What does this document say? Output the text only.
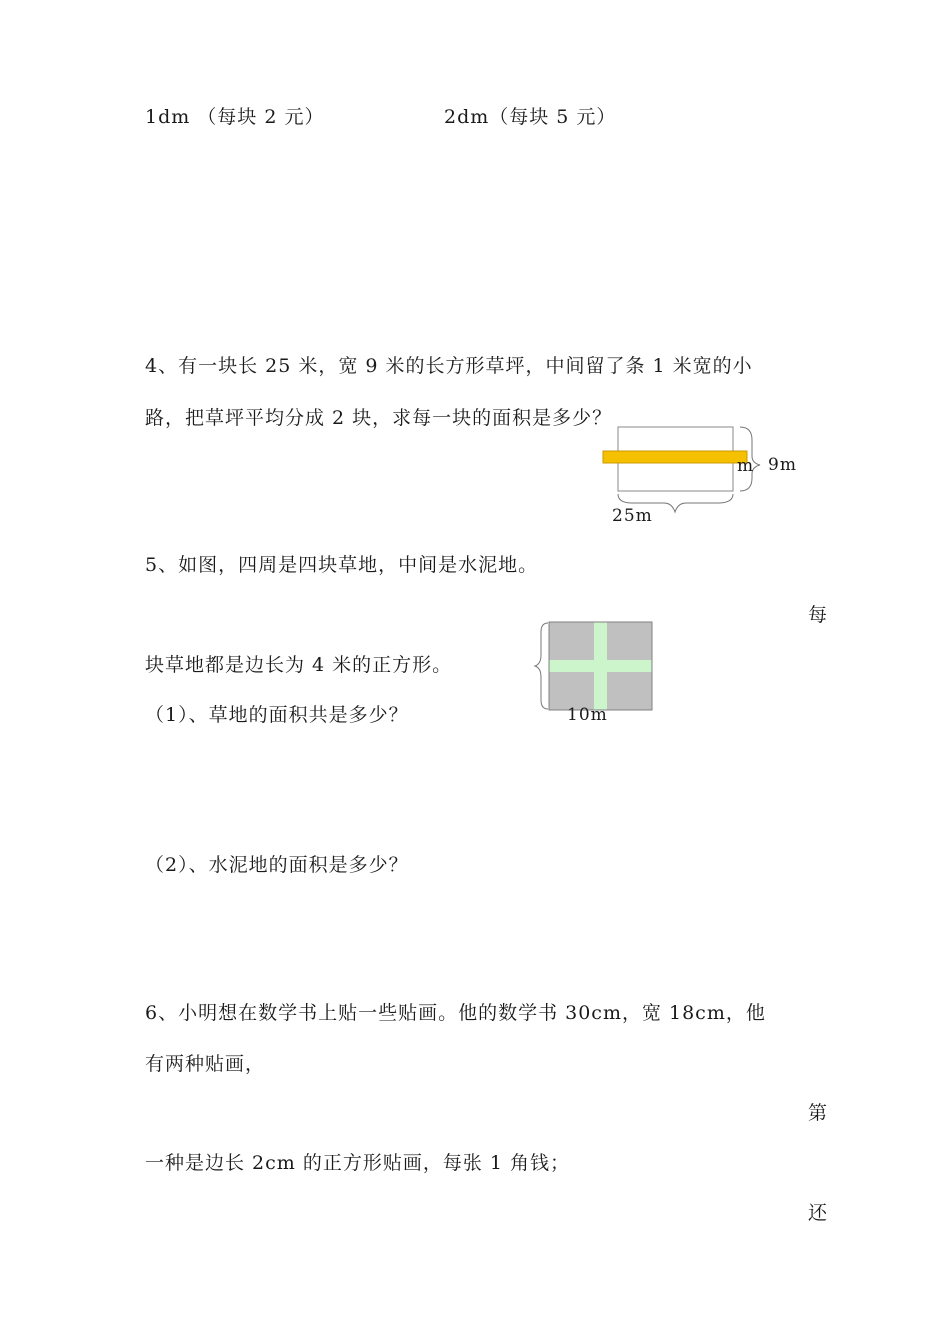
1dm （每块 2 元）	2dm（每块 5 元）
4、有一块长 25 米，宽 9 米的长方形草坪，中间留了条 1 米宽的小
路，把草坪平均分成 2 块，求每一块的面积是多少？
m 9m
25m
5、如图，四周是四块草地，中间是水泥地。
每
块草地都是边长为 4 米的正方形。
（1）、草地的面积共是多少？	10m
（2）、水泥地的面积是多少？
6、小明想在数学书上贴一些贴画。他的数学书 30cm，宽 18cm，他
有两种贴画，
第
一种是边长 2cm 的正方形贴画，每张 1 角钱；
还
